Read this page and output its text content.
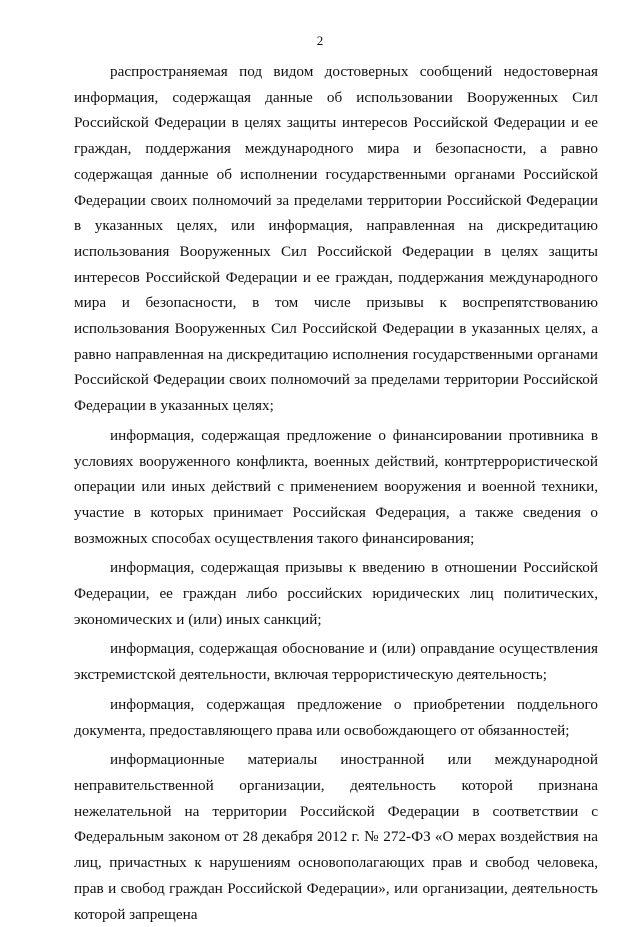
2

распространяемая под видом достоверных сообщений недостоверная информация, содержащая данные об использовании Вооруженных Сил Российской Федерации в целях защиты интересов Российской Федерации и ее граждан, поддержания международного мира и безопасности, а равно содержащая данные об исполнении государственными органами Российской Федерации своих полномочий за пределами территории Российской Федерации в указанных целях, или информация, направленная на дискредитацию использования Вооруженных Сил Российской Федерации в целях защиты интересов Российской Федерации и ее граждан, поддержания международного мира и безопасности, в том числе призывы к воспрепятствованию использования Вооруженных Сил Российской Федерации в указанных целях, а равно направленная на дискредитацию исполнения государственными органами Российской Федерации своих полномочий за пределами территории Российской Федерации в указанных целях;

информация, содержащая предложение о финансировании противника в условиях вооруженного конфликта, военных действий, контртеррористической операции или иных действий с применением вооружения и военной техники, участие в которых принимает Российская Федерация, а также сведения о возможных способах осуществления такого финансирования;

информация, содержащая призывы к введению в отношении Российской Федерации, ее граждан либо российских юридических лиц политических, экономических и (или) иных санкций;

информация, содержащая обоснование и (или) оправдание осуществления экстремистской деятельности, включая террористическую деятельность;

информация, содержащая предложение о приобретении поддельного документа, предоставляющего права или освобождающего от обязанностей;

информационные материалы иностранной или международной неправительственной организации, деятельность которой признана нежелательной на территории Российской Федерации в соответствии с Федеральным законом от 28 декабря 2012 г. № 272-ФЗ «О мерах воздействия на лиц, причастных к нарушениям основополагающих прав и свобод человека, прав и свобод граждан Российской Федерации», или организации, деятельность которой запрещена
